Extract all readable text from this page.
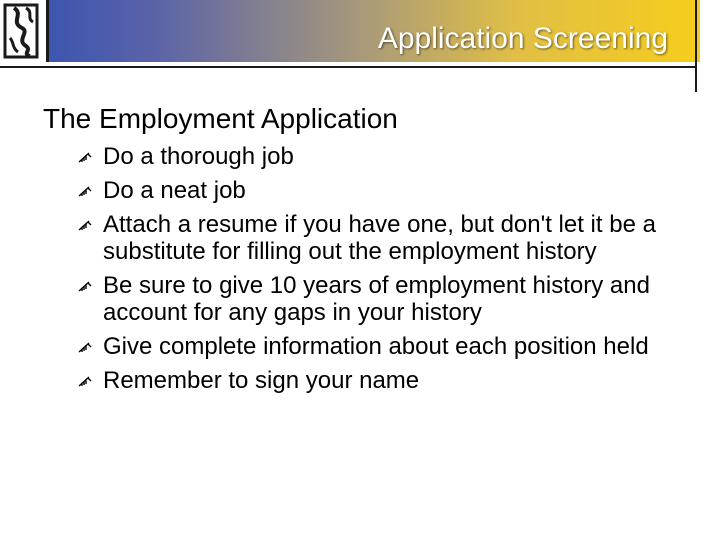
Application Screening
The Employment Application
Do a thorough job
Do a neat job
Attach a resume if you have one, but don't let it be a substitute for filling out the employment history
Be sure to give 10 years of employment history and account for any gaps in your history
Give complete information about each position held
Remember to sign your name
